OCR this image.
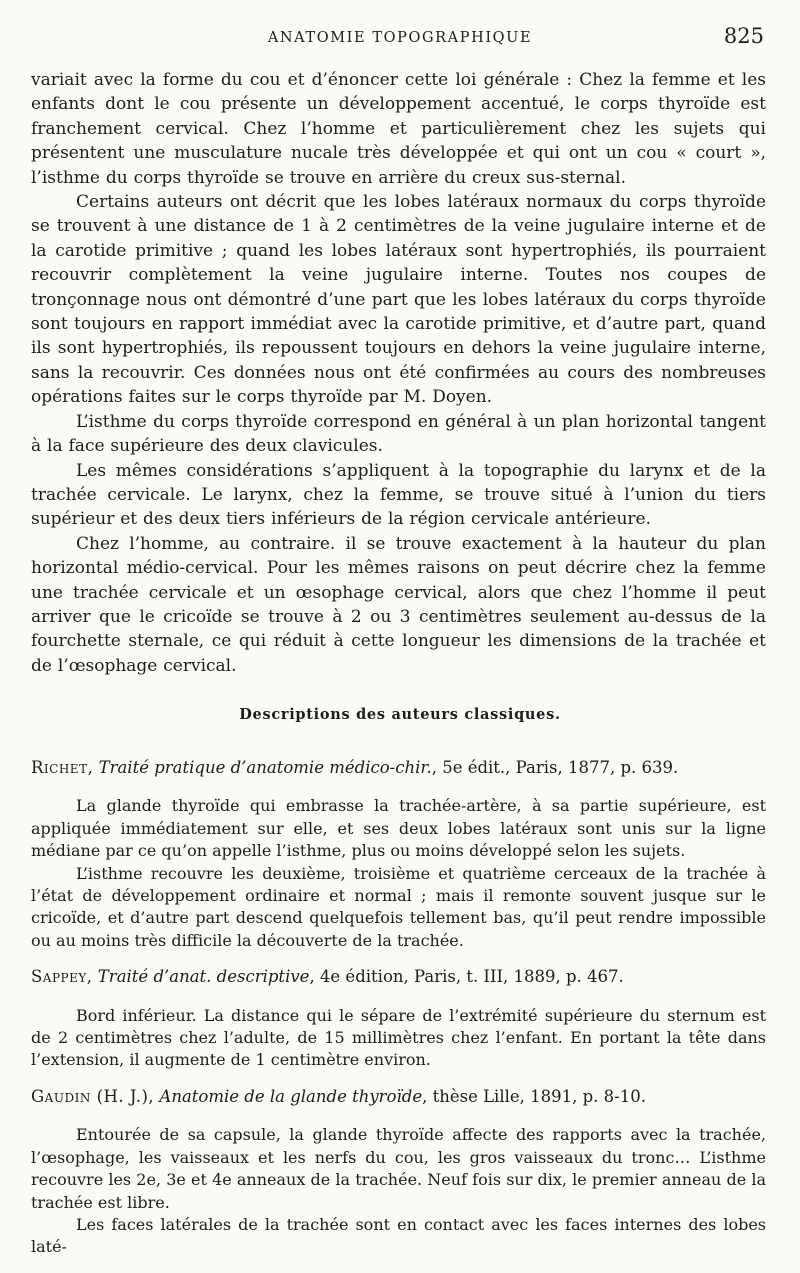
ANATOMIE TOPOGRAPHIQUE	825

variait avec la forme du cou et d’énoncer cette loi générale : Chez la femme et les enfants dont le cou présente un développement accentué, le corps thyroïde est franchement cervical. Chez l’homme et particulièrement chez les sujets qui présentent une musculature nucale très développée et qui ont un cou « court », l’isthme du corps thyroïde se trouve en arrière du creux sus-sternal.

Certains auteurs ont décrit que les lobes latéraux normaux du corps thyroïde se trouvent à une distance de 1 à 2 centimètres de la veine jugulaire interne et de la carotide primitive ; quand les lobes latéraux sont hypertrophiés, ils pourraient recouvrir complètement la veine jugulaire interne. Toutes nos coupes de tronçonnage nous ont démontré d’une part que les lobes latéraux du corps thyroïde sont toujours en rapport immédiat avec la carotide primitive, et d’autre part, quand ils sont hypertrophiés, ils repoussent toujours en dehors la veine jugulaire interne, sans la recouvrir. Ces données nous ont été confirmées au cours des nombreuses opérations faites sur le corps thyroïde par M. Doyen.

L’isthme du corps thyroïde correspond en général à un plan horizontal tangent à la face supérieure des deux clavicules.

Les mêmes considérations s’appliquent à la topographie du larynx et de la trachée cervicale. Le larynx, chez la femme, se trouve situé à l’union du tiers supérieur et des deux tiers inférieurs de la région cervicale antérieure.

Chez l’homme, au contraire. il se trouve exactement à la hauteur du plan horizontal médio-cervical. Pour les mêmes raisons on peut décrire chez la femme une trachée cervicale et un œsophage cervical, alors que chez l’homme il peut arriver que le cricoïde se trouve à 2 ou 3 centimètres seulement au-dessus de la fourchette sternale, ce qui réduit à cette longueur les dimensions de la trachée et de l’œsophage cervical.

Descriptions des auteurs classiques.
Richet, Traité pratique d’anatomie médico-chir., 5e édit., Paris, 1877, p. 639.

La glande thyroïde qui embrasse la trachée-artère, à sa partie supérieure, est appliquée immédiatement sur elle, et ses deux lobes latéraux sont unis sur la ligne médiane par ce qu’on appelle l’isthme, plus ou moins développé selon les sujets.

L’isthme recouvre les deuxième, troisième et quatrième cerceaux de la trachée à l’état de développement ordinaire et normal ; mais il remonte souvent jusque sur le cricoïde, et d’autre part descend quelquefois tellement bas, qu’il peut rendre impossible ou au moins très difficile la découverte de la trachée.

Sappey, Traité d’anat. descriptive, 4e édition, Paris, t. III, 1889, p. 467.

Bord inférieur. La distance qui le sépare de l’extrémité supérieure du sternum est de 2 centimètres chez l’adulte, de 15 millimètres chez l’enfant. En portant la tête dans l’extension, il augmente de 1 centimètre environ.

Gaudin (H. J.), Anatomie de la glande thyroïde, thèse Lille, 1891, p. 8-10.

Entourée de sa capsule, la glande thyroïde affecte des rapports avec la trachée, l’œsophage, les vaisseaux et les nerfs du cou, les gros vaisseaux du tronc… L’isthme recouvre les 2e, 3e et 4e anneaux de la trachée. Neuf fois sur dix, le premier anneau de la trachée est libre.

Les faces latérales de la trachée sont en contact avec les faces internes des lobes laté-
